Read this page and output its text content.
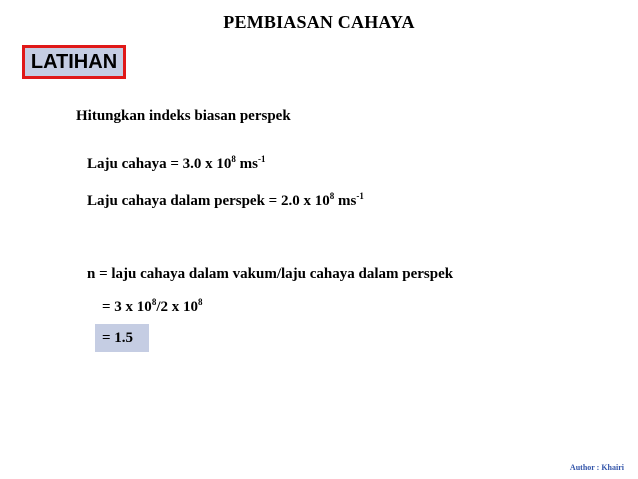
PEMBIASAN CAHAYA
LATIHAN
Hitungkan indeks biasan perspek
Laju cahaya = 3.0 x $10^8$ $ms^{-1}$
Laju cahaya dalam perspek = 2.0 x $10^8$ $ms^{-1}$
n = laju cahaya dalam vakum/laju cahaya dalam perspek
= 3 x $10^8/2$ x $10^8$
= 1.5
Author : Khairi
